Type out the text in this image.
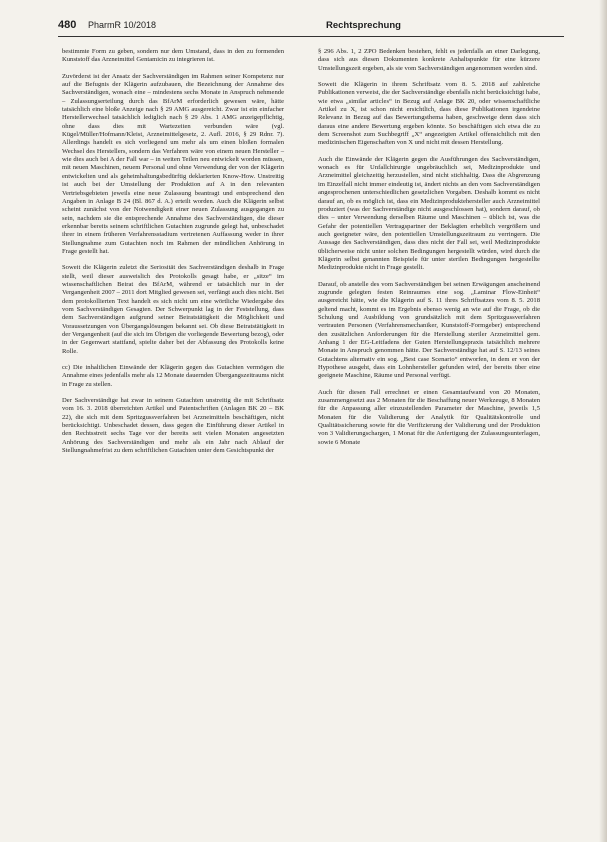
480 PharmR 10/2018	Rechtsprechung

bestimmte Form zu geben, sondern nur dem Umstand, dass in den zu formenden Kunststoff das Arzneimittel Gentamicin zu integrieren ist.

Zuvörderst ist der Ansatz der Sachverständigen im Rahmen seiner Kompetenz nur auf die Befugnis der Klägerin aufzubauen, die Bezeichnung der Annahme des Sachverständigen, wonach eine – mindestens sechs Monate in Anspruch nehmende – Zulassungserteilung durch das BfArM erforderlich gewesen wäre, hätte tatsächlich eine bloße Anzeige nach § 29 AMG ausgereicht. Zwar ist ein einfacher Herstellerwechsel tatsächlich lediglich nach § 29 Abs. 1 AMG anzeigepflichtig, ohne dass dies mit Wartezeiten verbunden wäre (vgl. Kügel/Müller/Hofmann/Kleist, Arzneimittelgesetz, 2. Aufl. 2016, § 29 Rdnr. 7). Allerdings handelt es sich vorliegend um mehr als um einen bloßen formalen Wechsel des Herstellers, sondern das Verfahren wäre von einem neuen Hersteller – wie dies auch bei A der Fall war – in weiten Teilen neu entwickelt worden müssen, mit neuen Maschinen, neuem Personal und ohne Verwendung der von der Klägerin entwickelten und als geheimhaltungsbedürftig deklarierten Know-How. Unstreitig ist auch bei der Umstellung der Produktion auf A in den relevanten Vertriebsgebieten jeweils eine neue Zulassung beantragt und entsprechend den Angaben in Anlage B 24 (Bl. 867 d. A.) erteilt worden. Auch die Klägerin selbst scheint zunächst von der Notwendigkeit einer neuen Zulassung ausgegangen zu sein, nachdem sie die entsprechende Annahme des Sachverständigen, die dieser erkennbar bereits seinem schriftlichen Gutachten zugrunde gelegt hat, unbeschadet ihrer in einem früheren Verfahrensstadium vertretenen Auffassung weder in ihrer Stellungnahme zum Gutachten noch im Rahmen der mündlichen Anhörung in Frage gestellt hat.

Soweit die Klägerin zuletzt die Seriosität des Sachverständigen deshalb in Frage stellt, weil dieser ausweislich des Protokolls gesagt habe, er „sitze“ im wissenschaftlichen Beirat des BfArM, während er tatsächlich nur in der Vergangenheit 2007 – 2011 dort Mitglied gewesen sei, verfängt auch dies nicht. Bei dem protokollierten Text handelt es sich nicht um eine wörtliche Wiedergabe des vom Sachverständigen Gesagten. Der Schwerpunkt lag in der Feststellung, dass dem Sachverständigen aufgrund seiner Beiratstätigkeit die Möglichkeit und Voraussetzungen von Übergangslösungen bekannt sei. Ob diese Beiratstätigkeit in der Vergangenheit (auf die sich im Übrigen die vorliegende Bewertung bezog), oder in der Gegenwart stattfand, spielte daher bei der Abfassung des Protokolls keine Rolle.

cc) Die inhaltlichen Einwände der Klägerin gegen das Gutachten vermögen die Annahme eines jedenfalls mehr als 12 Monate dauernden Übergangszeitraums nicht in Frage zu stellen.

Der Sachverständige hat zwar in seinem Gutachten unstreitig die mit Schriftsatz vom 16. 3. 2018 überreichten Artikel und Patentschriften (Anlagen BK 20 – BK 22), die sich mit dem Spritzgussverfahren bei Arzneimitteln beschäftigen, nicht berücksichtigt. Unbeschadet dessen, dass gegen die Einführung dieser Artikel in den Rechtsstreit sechs Tage vor der bereits seit vielen Monaten angesetzten Anhörung des Sachverständigen und mehr als ein Jahr nach Ablauf der Stellungnahmefrist zu dem schriftlichen Gutachten unter dem Gesichtspunkt der

§ 296 Abs. 1, 2 ZPO Bedenken bestehen, fehlt es jedenfalls an einer Darlegung, dass sich aus diesen Dokumenten konkrete Anhaltspunkte für eine kürzere Umstellungszeit ergeben, als sie vom Sachverständigen angenommen worden sind.

Soweit die Klägerin in ihrem Schriftsatz vom 8. 5. 2018 auf zahlreiche Publikationen verweist, die der Sachverständige ebenfalls nicht berücksichtigt habe, wie etwa „similar articles“ in Bezug auf Anlage BK 20, oder wissenschaftliche Artikel zu X, ist schon nicht ersichtlich, dass diese Publikationen irgendeine Relevanz in Bezug auf das Bewertungsthema haben, geschweige denn dass sich daraus eine andere Bewertung ergeben könnte. So beschäftigen sich etwa die zu dem Screenshot zum Suchbegriff „X“ angezeigten Artikel offensichtlich mit den medizinischen Eigenschaften von X und nicht mit dessen Herstellung.

Auch die Einwände der Klägerin gegen die Ausführungen des Sachverständigen, wonach es für Unfallchirurgie ungebräuchlich sei, Medizinprodukte und Arzneimittel gleichzeitig herzustellen, sind nicht stichhaltig. Dass die Abgrenzung im Einzelfall nicht immer eindeutig ist, ändert nichts an den vom Sachverständigen angesprochenen unterschiedlichen gesetzlichen Vorgaben. Deshalb kommt es nicht darauf an, ob es möglich ist, dass ein Medizinproduktehersteller auch Arzneimittel produziert (was der Sachverständige nicht ausgeschlossen hat), sondern darauf, ob dies – unter Verwendung derselben Räume und Maschinen – üblich ist, was die Gefahr der potentiellen Vertragspartner der Beklagten erheblich vergrößern und auch geeigneter wäre, den potentiellen Umstellungszeitraum zu verringern. Die Aussage des Sachverständigen, dass dies nicht der Fall sei, weil Medizinprodukte üblicherweise nicht unter solchen Bedingungen hergestellt würden, wird durch die Klägerin selbst genannten Beispiele für unter sterilen Bedingungen hergestellte Medizinprodukte nicht in Frage gestellt.

Darauf, ob anstelle des vom Sachverständigen bei seinen Erwägungen anscheinend zugrunde gelegten festen Reinraumes eine sog. „Laminar Flow-Einheit“ ausgereicht hätte, wie die Klägerin auf S. 11 ihres Schriftsatzes vom 8. 5. 2018 geltend macht, kommt es im Ergebnis ebenso wenig an wie auf die Frage, ob die Schulung und Ausbildung von grundsätzlich mit dem Spritzgussverfahren vertrauten Personen (Verfahrensmechaniker, Kunststoff-Formgeber) entsprechend den zusätzlichen Anforderungen für die Herstellung steriler Arzneimittel gem. Anhang 1 der EG-Leitfadens der Guten Herstellungspraxis tatsächlich mehrere Monate in Anspruch genommen hätte. Der Sachverständige hat auf S. 12/13 seines Gutachtens alternativ ein sog. „Best case Scenario“ entworfen, in dem er von der Hypothese ausgeht, dass ein Lohnhersteller gefunden wird, der bereits über eine geeignete Maschine, Räume und Personal verfügt.

Auch für diesen Fall errechnet er einen Gesamtaufwand von 20 Monaten, zusammengesetzt aus 2 Monaten für die Beschaffung neuer Werkzeuge, 8 Monaten für die Anpassung aller einzustellenden Parameter der Maschine, jeweils 1,5 Monaten für die Validierung der Analytik für Qualitätskontrolle und Qualitätssicherung sowie für die Verifizierung der Validierung und der Produktion von 3 Validierungschargen, 1 Monat für die Anfertigung der Zulassungsunterlagen, sowie 6 Monate
